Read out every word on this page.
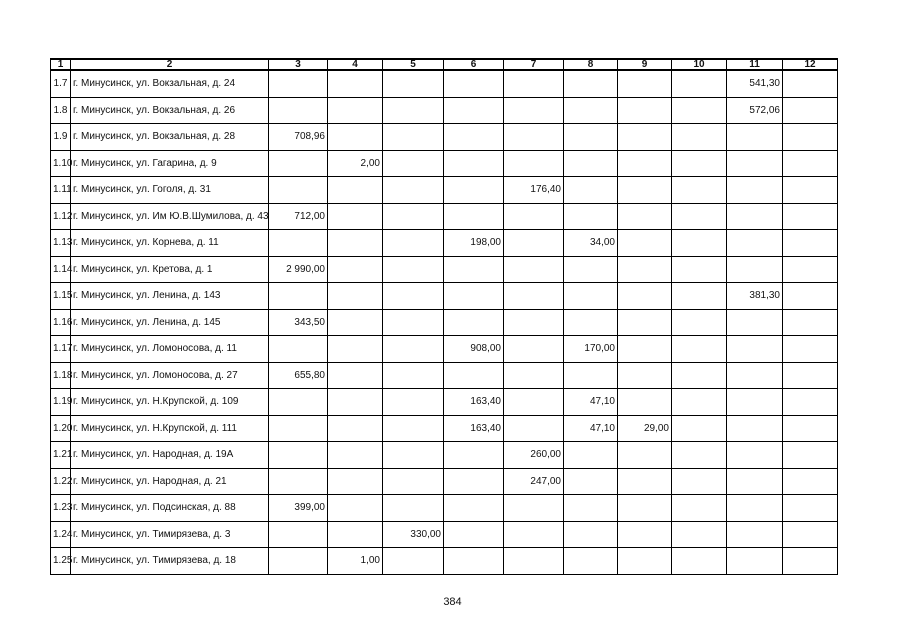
1	2	3	4	5	6	7	8	9	10	11	12
1.7	г. Минусинск, ул. Вокзальная, д. 24									541,30	
1.8	г. Минусинск, ул. Вокзальная, д. 26									572,06	
1.9	г. Минусинск, ул. Вокзальная, д. 28	708,96									
1.10	г. Минусинск, ул. Гагарина, д. 9		2,00								
1.11	г. Минусинск, ул. Гоголя, д. 31					176,40					
1.12	г. Минусинск, ул. Им Ю.В.Шумилова, д. 43	712,00									
1.13	г. Минусинск, ул. Корнева, д. 11				198,00		34,00				
1.14	г. Минусинск, ул. Кретова, д. 1	2 990,00									
1.15	г. Минусинск, ул. Ленина, д. 143									381,30	
1.16	г. Минусинск, ул. Ленина, д. 145	343,50									
1.17	г. Минусинск, ул. Ломоносова, д. 11				908,00		170,00				
1.18	г. Минусинск, ул. Ломоносова, д. 27	655,80									
1.19	г. Минусинск, ул. Н.Крупской, д. 109				163,40		47,10				
1.20	г. Минусинск, ул. Н.Крупской, д. 111				163,40		47,10	29,00			
1.21	г. Минусинск, ул. Народная, д. 19А					260,00					
1.22	г. Минусинск, ул. Народная, д. 21					247,00					
1.23	г. Минусинск, ул. Подсинская, д. 88	399,00									
1.24	г. Минусинск, ул. Тимирязева, д. 3			330,00							
1.25	г. Минусинск, ул. Тимирязева, д. 18		1,00								
384
